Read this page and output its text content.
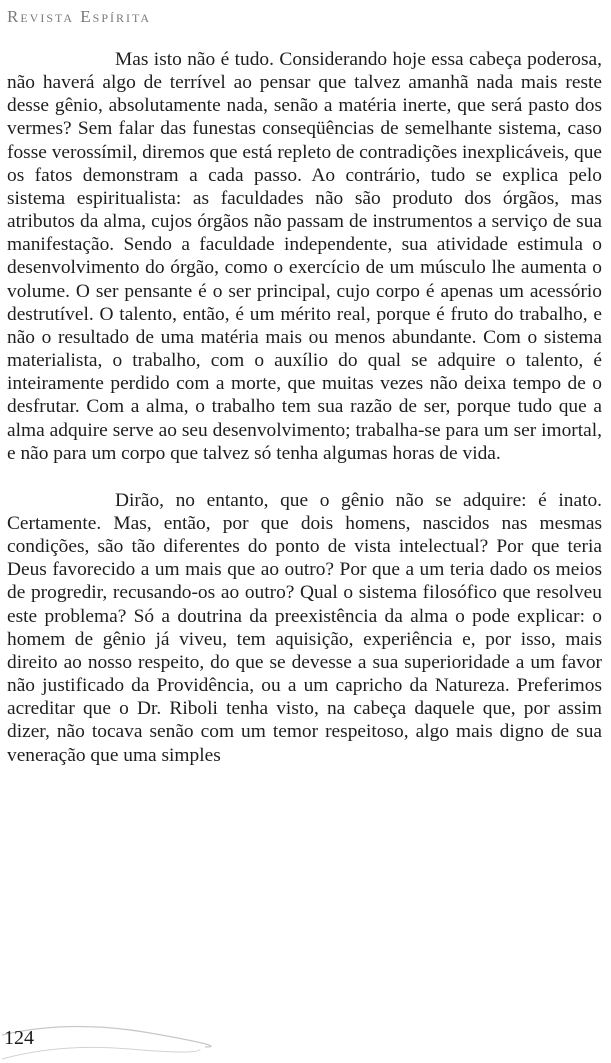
Revista Espírita

Mas isto não é tudo. Considerando hoje essa cabeça poderosa, não haverá algo de terrível ao pensar que talvez amanhã nada mais reste desse gênio, absolutamente nada, senão a matéria inerte, que será pasto dos vermes? Sem falar das funestas conseqüências de semelhante sistema, caso fosse verossímil, diremos que está repleto de contradições inexplicáveis, que os fatos demonstram a cada passo. Ao contrário, tudo se explica pelo sistema espiritualista: as faculdades não são produto dos órgãos, mas atributos da alma, cujos órgãos não passam de instrumentos a serviço de sua manifestação. Sendo a faculdade independente, sua atividade estimula o desenvolvimento do órgão, como o exercício de um músculo lhe aumenta o volume. O ser pensante é o ser principal, cujo corpo é apenas um acessório destrutível. O talento, então, é um mérito real, porque é fruto do trabalho, e não o resultado de uma matéria mais ou menos abundante. Com o sistema materialista, o trabalho, com o auxílio do qual se adquire o talento, é inteiramente perdido com a morte, que muitas vezes não deixa tempo de o desfrutar. Com a alma, o trabalho tem sua razão de ser, porque tudo que a alma adquire serve ao seu desenvolvimento; trabalha-se para um ser imortal, e não para um corpo que talvez só tenha algumas horas de vida.

Dirão, no entanto, que o gênio não se adquire: é inato. Certamente. Mas, então, por que dois homens, nascidos nas mesmas condições, são tão diferentes do ponto de vista intelectual? Por que teria Deus favorecido a um mais que ao outro? Por que a um teria dado os meios de progredir, recusando-os ao outro? Qual o sistema filosófico que resolveu este problema? Só a doutrina da preexistência da alma o pode explicar: o homem de gênio já viveu, tem aquisição, experiência e, por isso, mais direito ao nosso respeito, do que se devesse a sua superioridade a um favor não justificado da Providência, ou a um capricho da Natureza. Preferimos acreditar que o Dr. Riboli tenha visto, na cabeça daquele que, por assim dizer, não tocava senão com um temor respeitoso, algo mais digno de sua veneração que uma simples

124
